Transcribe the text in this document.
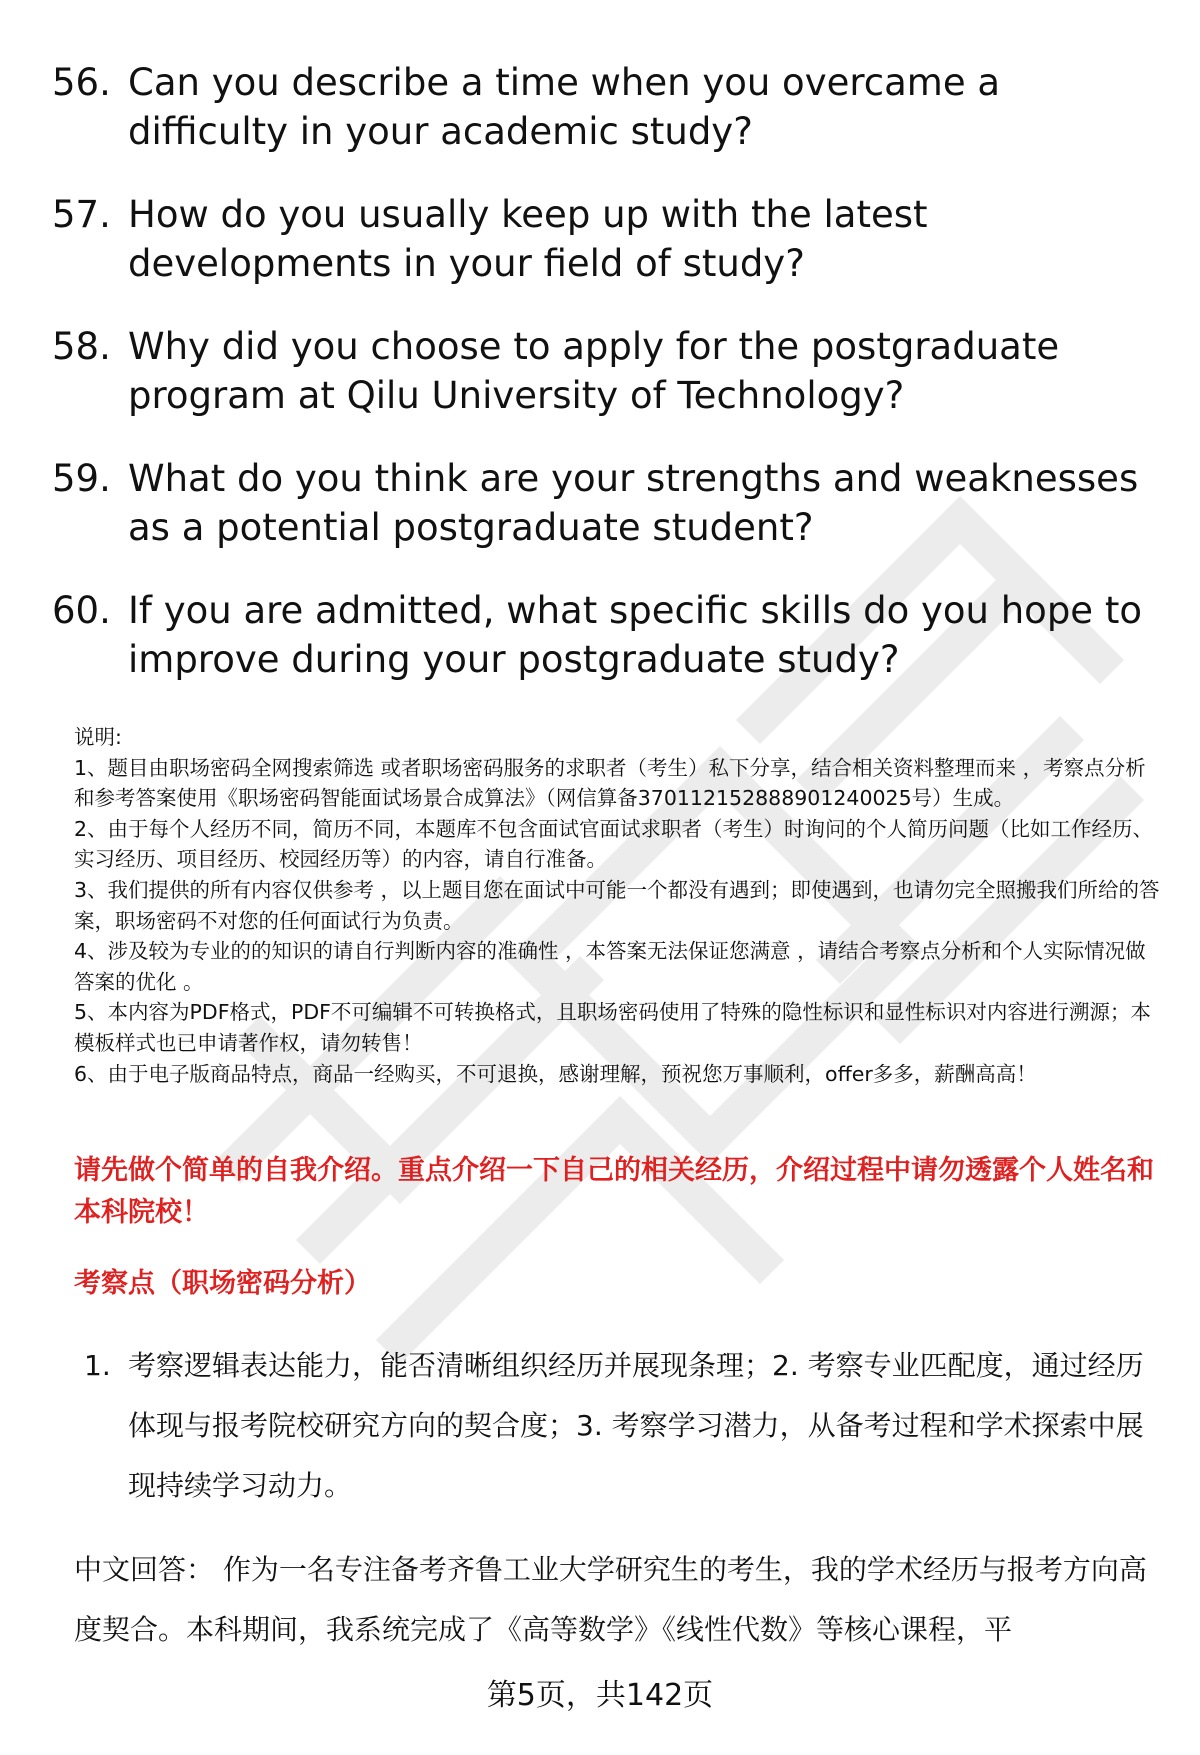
56. Can you describe a time when you overcame a difficulty in your academic study?
57. How do you usually keep up with the latest developments in your field of study?
58. Why did you choose to apply for the postgraduate program at Qilu University of Technology?
59. What do you think are your strengths and weaknesses as a potential postgraduate student?
60. If you are admitted, what specific skills do you hope to improve during your postgraduate study?

说明:

1、题目由职场密码全网搜索筛选 或者职场密码服务的求职者（考生）私下分享，结合相关资料整理而来 ，考察点分析和参考答案使用《职场密码智能面试场景合成算法》（网信算备370112152888901240025号）生成。

2、由于每个人经历不同，简历不同，本题库不包含面试官面试求职者（考生）时询问的个人简历问题（比如工作经历、实习经历、项目经历、校园经历等）的内容，请自行准备。

3、我们提供的所有内容仅供参考 ，以上题目您在面试中可能一个都没有遇到；即使遇到，也请勿完全照搬我们所给的答案，职场密码不对您的任何面试行为负责。

4、涉及较为专业的的知识的请自行判断内容的准确性 ，本答案无法保证您满意 ，请结合考察点分析和个人实际情况做答案的优化 。

5、本内容为PDF格式，PDF不可编辑不可转换格式，且职场密码使用了特殊的隐性标识和显性标识对内容进行溯源；本模板样式也已申请著作权，请勿转售！

6、由于电子版商品特点，商品一经购买，不可退换，感谢理解，预祝您万事顺利，offer多多，薪酬高高！

请先做个简单的自我介绍。重点介绍一下自己的相关经历，介绍过程中请勿透露个人姓名和本科院校！
考察点（职场密码分析）
1. 考察逻辑表达能力，能否清晰组织经历并展现条理；2. 考察专业匹配度，通过经历体现与报考院校研究方向的契合度；3. 考察学习潜力，从备考过程和学术探索中展现持续学习动力。
中文回答： 作为一名专注备考齐鲁工业大学研究生的考生，我的学术经历与报考方向高度契合。本科期间，我系统完成了《高等数学》《线性代数》等核心课程，平
第5页，共142页
